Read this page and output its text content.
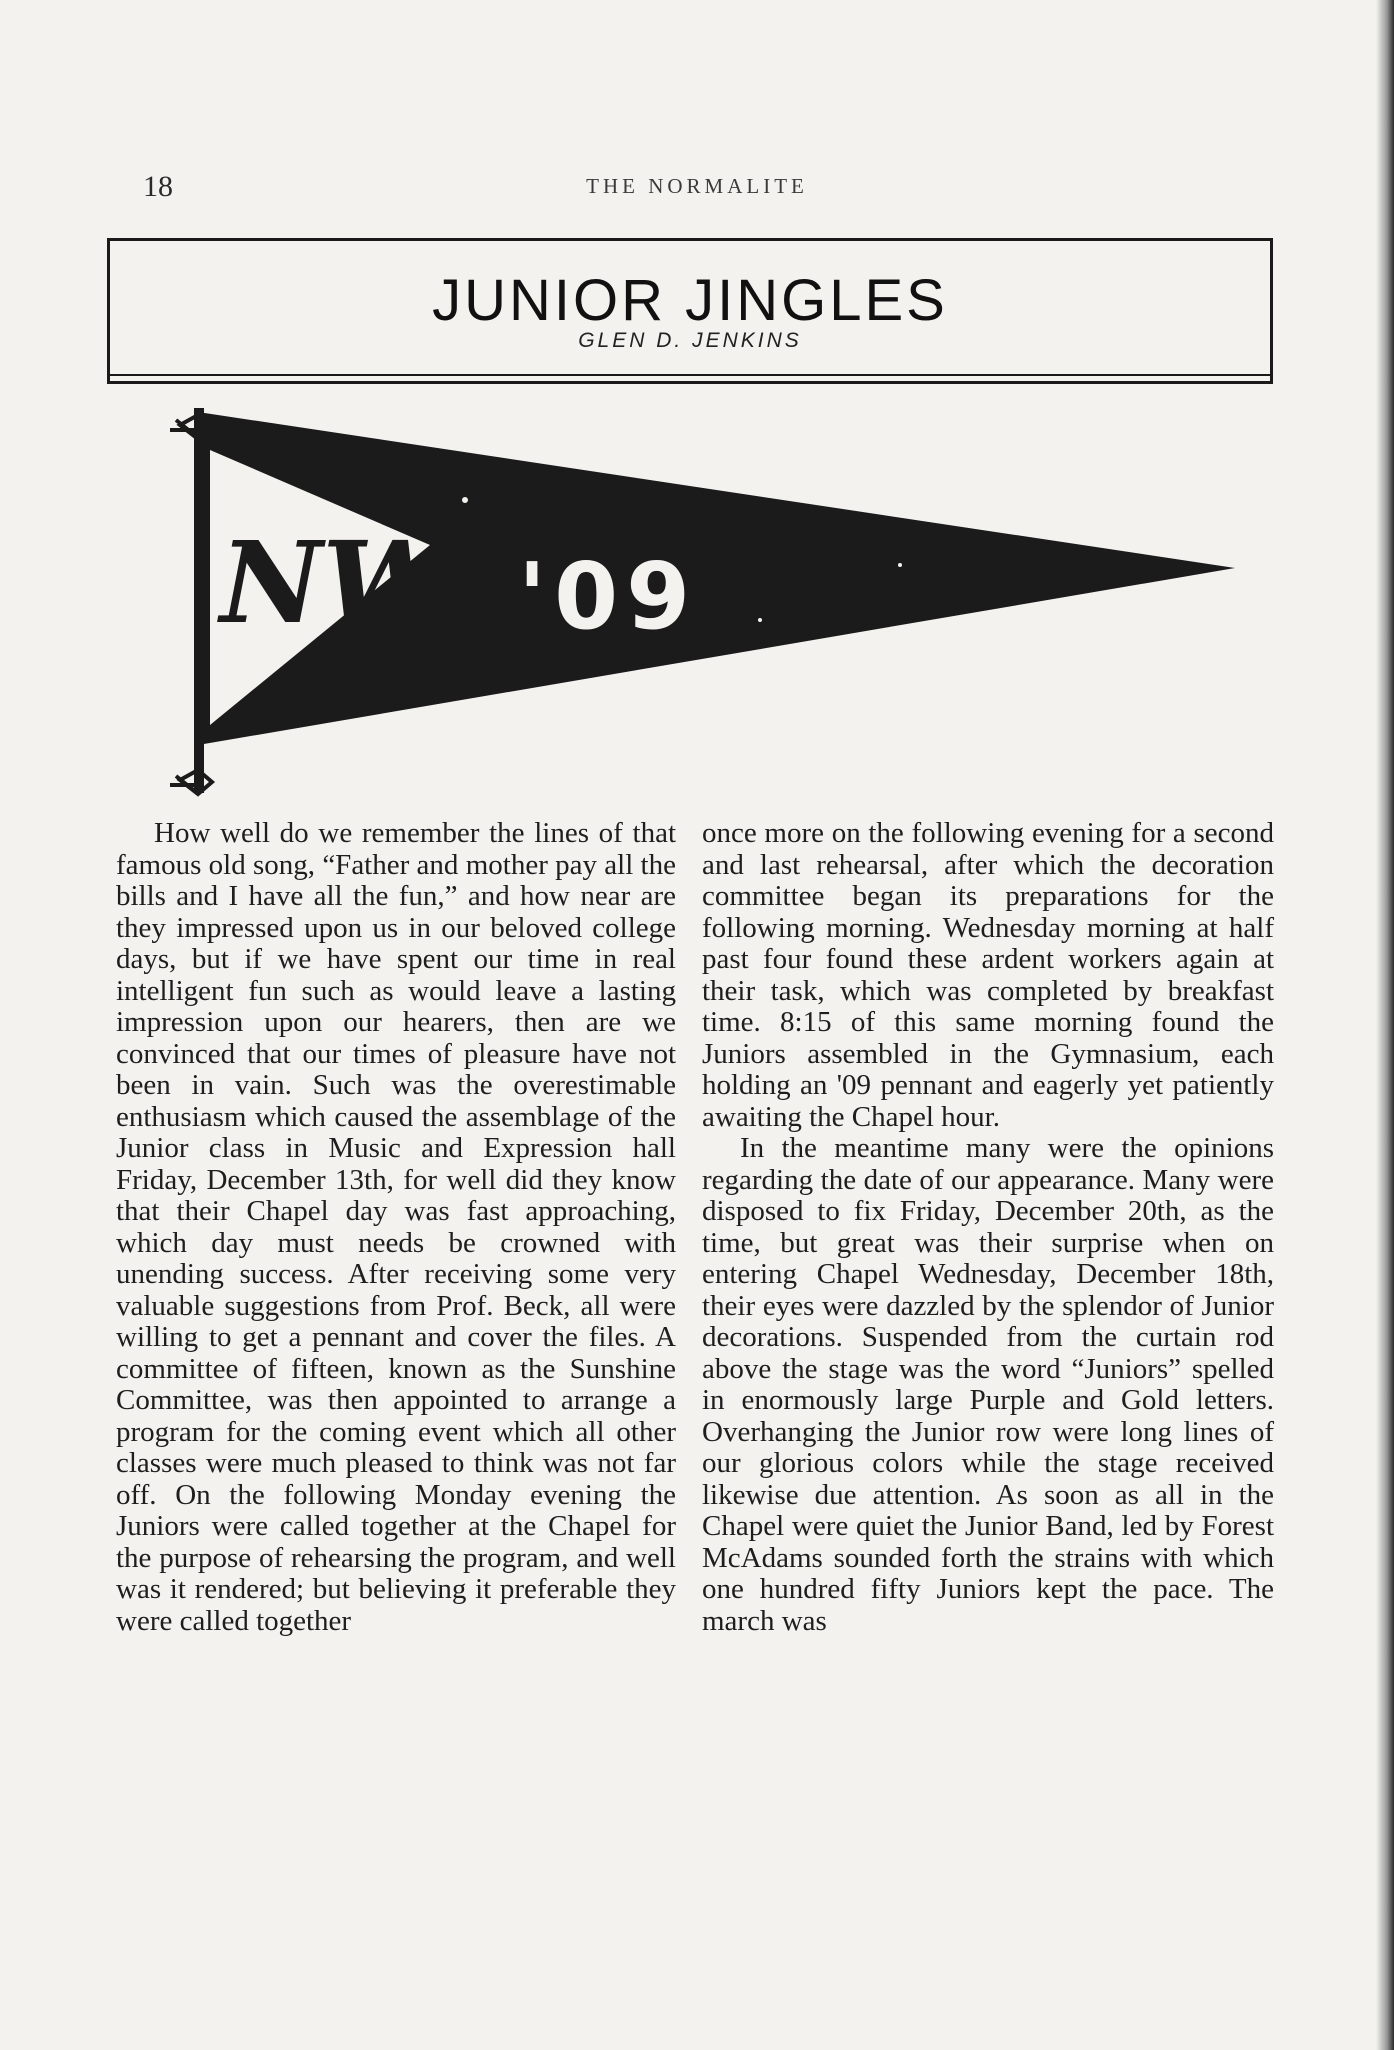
18	THE NORMALITE
JUNIOR JINGLES
GLEN D. JENKINS
NW '09

How well do we remember the lines of that famous old song, “Father and mother pay all the bills and I have all the fun,” and how near are they impressed upon us in our beloved college days, but if we have spent our time in real intelligent fun such as would leave a lasting impression upon our hearers, then are we convinced that our times of pleasure have not been in vain. Such was the overestimable enthusiasm which caused the assemblage of the Junior class in Music and Expression hall Friday, December 13th, for well did they know that their Chapel day was fast approaching, which day must needs be crowned with unending success. After receiving some very valuable suggestions from Prof. Beck, all were willing to get a pennant and cover the files. A committee of fifteen, known as the Sunshine Committee, was then appointed to arrange a program for the coming event which all other classes were much pleased to think was not far off. On the following Monday evening the Juniors were called together at the Chapel for the purpose of rehearsing the program, and well was it rendered; but believing it preferable they were called together

once more on the following evening for a second and last rehearsal, after which the decoration committee began its preparations for the following morning. Wednesday morning at half past four found these ardent workers again at their task, which was completed by breakfast time. 8:15 of this same morning found the Juniors assembled in the Gymnasium, each holding an '09 pennant and eagerly yet patiently awaiting the Chapel hour.

In the meantime many were the opinions regarding the date of our appearance. Many were disposed to fix Friday, December 20th, as the time, but great was their surprise when on entering Chapel Wednesday, December 18th, their eyes were dazzled by the splendor of Junior decorations. Suspended from the curtain rod above the stage was the word “Juniors” spelled in enormously large Purple and Gold letters. Overhanging the Junior row were long lines of our glorious colors while the stage received likewise due attention. As soon as all in the Chapel were quiet the Junior Band, led by Forest McAdams sounded forth the strains with which one hundred fifty Juniors kept the pace. The march was
